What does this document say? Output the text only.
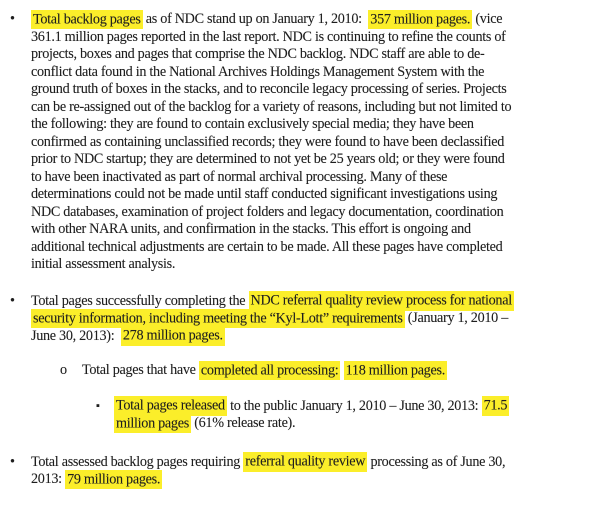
•	Total backlog pages as of NDC stand up on January 1, 2010:  357 million pages. (vice
361.1 million pages reported in the last report. NDC is continuing to refine the counts of
projects, boxes and pages that comprise the NDC backlog. NDC staff are able to de-
conflict data found in the National Archives Holdings Management System with the
ground truth of boxes in the stacks, and to reconcile legacy processing of series. Projects
can be re-assigned out of the backlog for a variety of reasons, including but not limited to
the following: they are found to contain exclusively special media; they have been
confirmed as containing unclassified records; they were found to have been declassified
prior to NDC startup; they are determined to not yet be 25 years old; or they were found
to have been inactivated as part of normal archival processing. Many of these
determinations could not be made until staff conducted significant investigations using
NDC databases, examination of project folders and legacy documentation, coordination
with other NARA units, and confirmation in the stacks. This effort is ongoing and
additional technical adjustments are certain to be made. All these pages have completed
initial assessment analysis.
•	Total pages successfully completing the NDC referral quality review process for national
security information, including meeting the “Kyl-Lott” requirements (January 1, 2010 –
June 30, 2013):  278 million pages.
o	Total pages that have completed all processing: 118 million pages.
▪	Total pages released to the public January 1, 2010 – June 30, 2013: 71.5
million pages (61% release rate).
•	Total assessed backlog pages requiring referral quality review processing as of June 30,
2013: 79 million pages.
